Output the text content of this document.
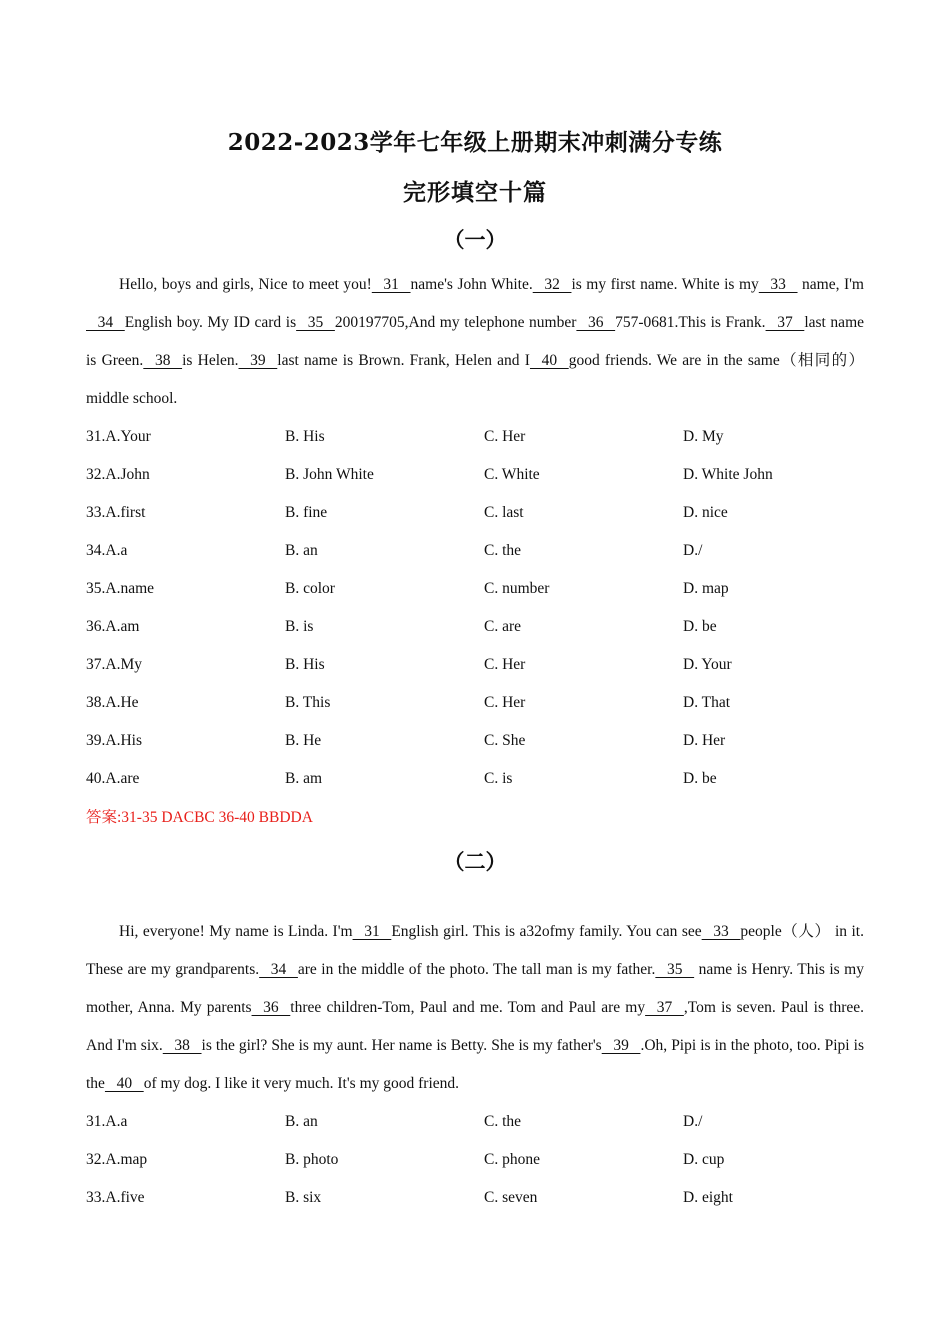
2022-2023学年七年级上册期末冲刺满分专练
完形填空十篇
（一）
Hello, boys and girls, Nice to meet you!   31   name's John White.   32   is my first name. White is my   33    name, I'm   34   English boy. My ID card is   35   200197705,And my telephone number   36   757-0681.This is Frank.   37   last name is Green.   38   is Helen.   39   last name is Brown. Frank, Helen and I   40   good friends. We are in the same（相同的）middle school.
31.A.Your	B. His	C. Her	D. My
32.A.John	B. John White	C. White	D. White John
33.A.first	B. fine	C. last	D. nice
34.A.a	B. an	C. the	D./
35.A.name	B. color	C. number	D. map
36.A.am	B. is	C. are	D. be
37.A.My	B. His	C. Her	D. Your
38.A.He	B. This	C. Her	D. That
39.A.His	B. He	C. She	D. Her
40.A.are	B. am	C. is	D. be
答案:31-35 DACBC 36-40 BBDDA
（二）
Hi, everyone! My name is Linda. I'm   31   English girl. This is a32ofmy family. You can see   33   people（人） in it. These are my grandparents.   34   are in the middle of the photo. The tall man is my father.   35    name is Henry. This is my mother, Anna. My parents   36   three children-Tom, Paul and me. Tom and Paul are my   37   ,Tom is seven. Paul is three. And I'm six.   38   is the girl? She is my aunt. Her name is Betty. She is my father's   39   .Oh, Pipi is in the photo, too. Pipi is the   40   of my dog. I like it very much. It's my good friend.
31.A.a	B. an	C. the	D./
32.A.map	B. photo	C. phone	D. cup
33.A.five	B. six	C. seven	D. eight
